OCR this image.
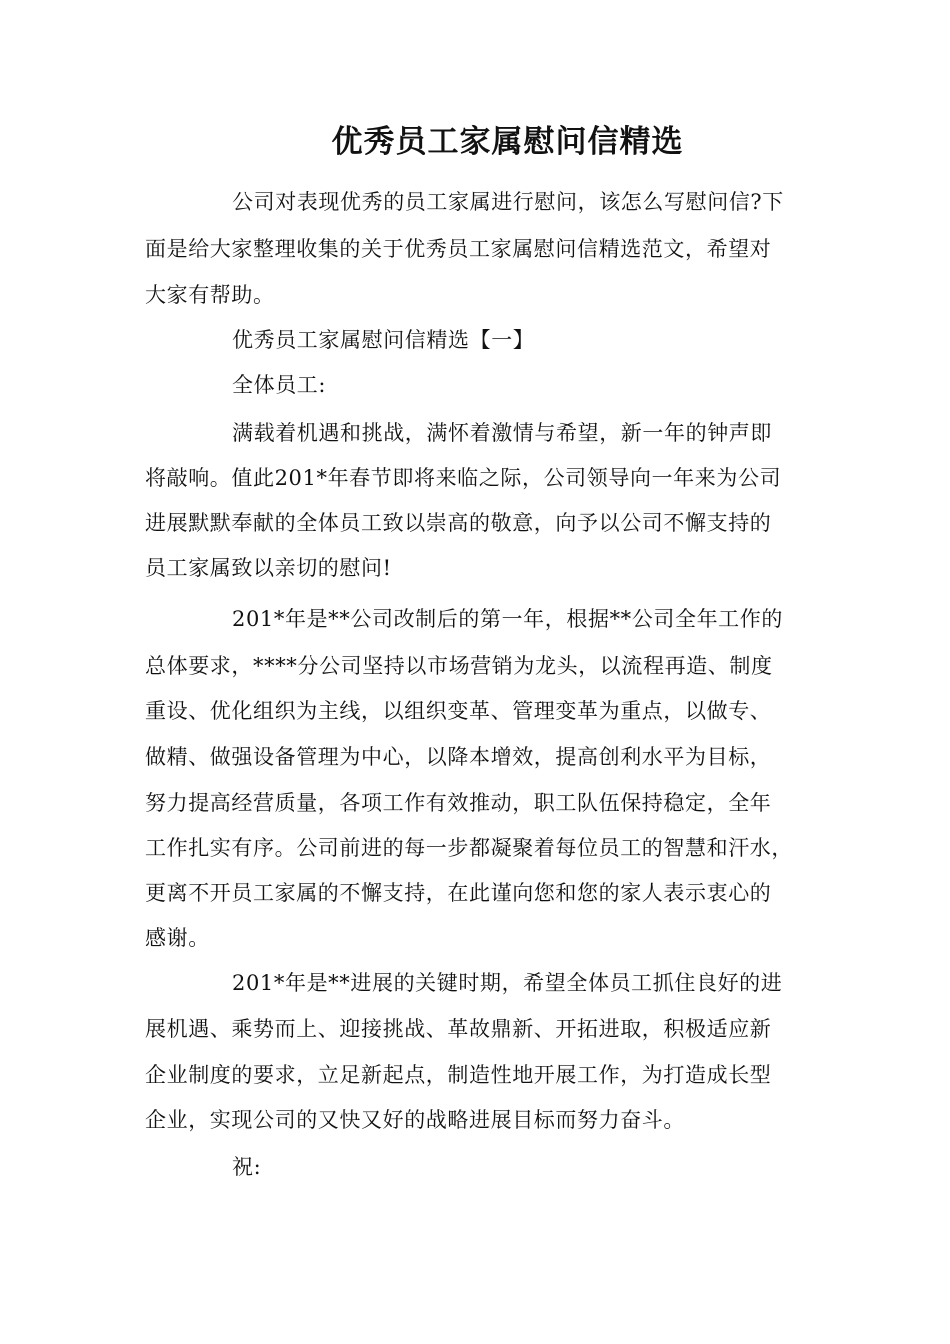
优秀员工家属慰问信精选
公司对表现优秀的员工家属进行慰问，该怎么写慰问信?下
面是给大家整理收集的关于优秀员工家属慰问信精选范文，希望对
大家有帮助。
优秀员工家属慰问信精选【一】
全体员工:
满载着机遇和挑战，满怀着激情与希望，新一年的钟声即
将敲响。值此201*年春节即将来临之际，公司领导向一年来为公司
进展默默奉献的全体员工致以崇高的敬意，向予以公司不懈支持的
员工家属致以亲切的慰问!
201*年是**公司改制后的第一年，根据**公司全年工作的
总体要求，****分公司坚持以市场营销为龙头，以流程再造、制度
重设、优化组织为主线，以组织变革、管理变革为重点，以做专、
做精、做强设备管理为中心，以降本增效，提高创利水平为目标，
努力提高经营质量，各项工作有效推动，职工队伍保持稳定，全年
工作扎实有序。公司前进的每一步都凝聚着每位员工的智慧和汗水，
更离不开员工家属的不懈支持，在此谨向您和您的家人表示衷心的
感谢。
201*年是**进展的关键时期，希望全体员工抓住良好的进
展机遇、乘势而上、迎接挑战、革故鼎新、开拓进取，积极适应新
企业制度的要求，立足新起点，制造性地开展工作，为打造成长型
企业，实现公司的又快又好的战略进展目标而努力奋斗。
祝:
